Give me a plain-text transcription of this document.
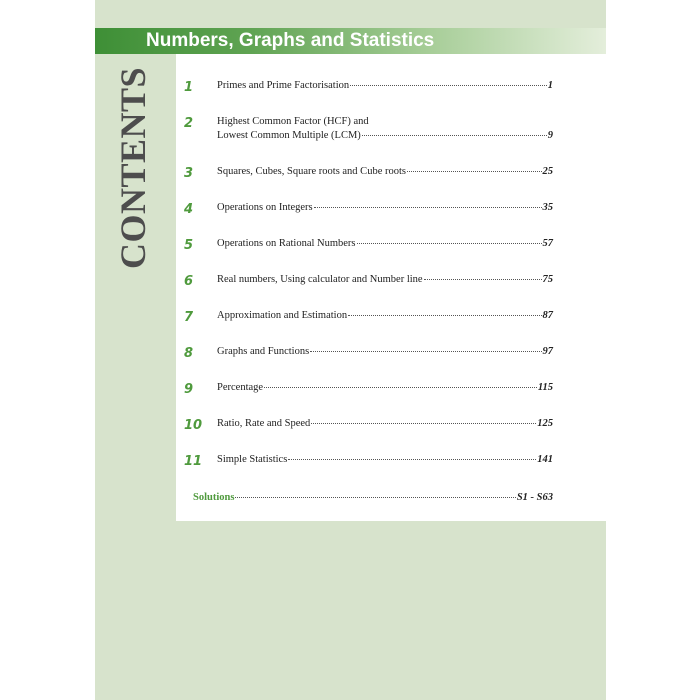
Numbers, Graphs and Statistics
CONTENTS 1	Primes and Prime Factorisation	1
2	Highest Common Factor (HCF) and
Lowest Common Multiple (LCM)	9
3	Squares, Cubes, Square roots and Cube roots	25
4	Operations on Integers	35
5	Operations on Rational Numbers	57
6	Real numbers, Using calculator and Number line	75
7	Approximation and Estimation	87
8	Graphs and Functions	97
9	Percentage	115
10	Ratio, Rate and Speed	125
11	Simple Statistics	141
Solutions	S1 - S63
